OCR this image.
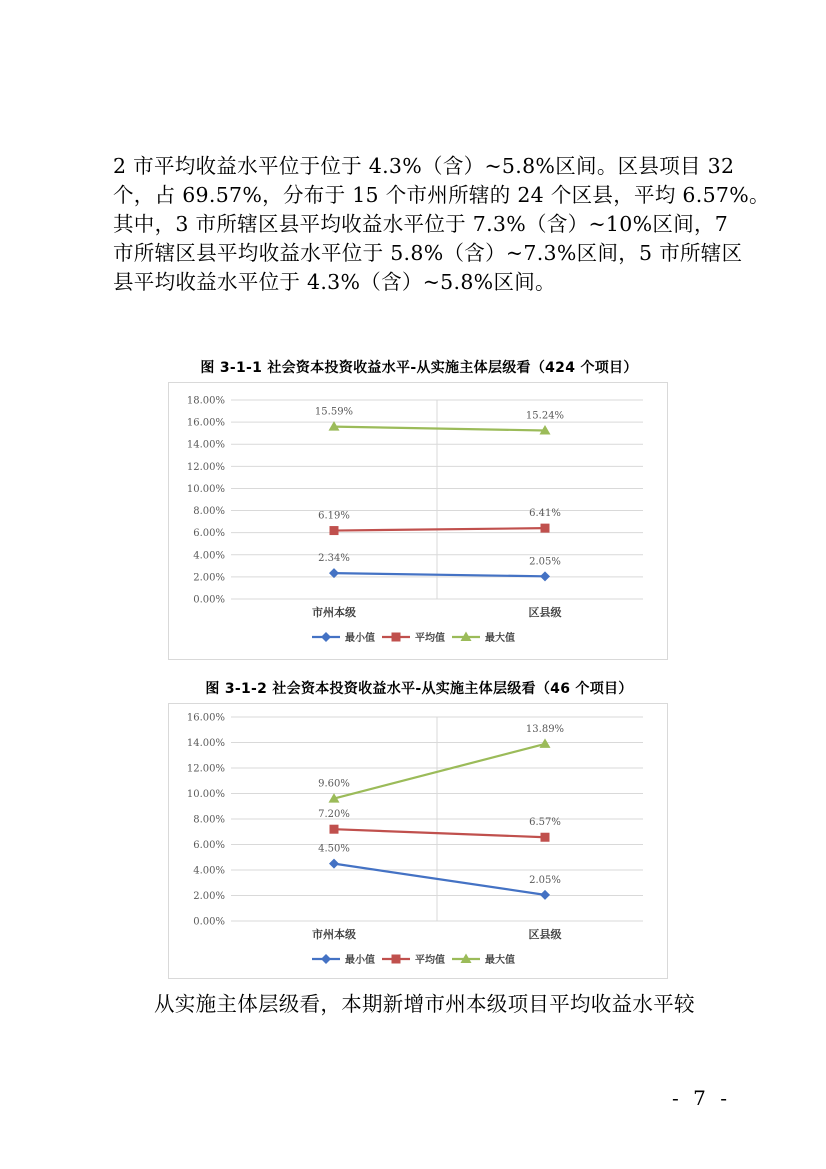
2 市平均收益水平位于位于 4.3%（含）~5.8%区间。区县项目 32

个，占 69.57%，分布于 15 个市州所辖的 24 个区县，平均 6.57%。

其中，3 市所辖区县平均收益水平位于 7.3%（含）~10%区间，7

市所辖区县平均收益水平位于 5.8%（含）~7.3%区间，5 市所辖区

县平均收益水平位于 4.3%（含）~5.8%区间。

图 3-1-1 社会资本投资收益水平-从实施主体层级看（424 个项目）
0.00%
2.00%
4.00%
6.00%
8.00%
10.00%
12.00%
14.00%
16.00%
18.00%
市州本级	区县级
2.34%	2.05%
6.19%	6.41%
15.59%	15.24%
最小值	平均值	最大值
图 3-1-2 社会资本投资收益水平-从实施主体层级看（46 个项目）
0.00%
2.00%
4.00%
6.00%
8.00%
10.00%
12.00%
14.00%
16.00%
市州本级	区县级
4.50%
2.05%
7.20%
6.57%
9.60%
13.89%
最小值	平均值	最大值

从实施主体层级看，本期新增市州本级项目平均收益水平较

- 7 -
